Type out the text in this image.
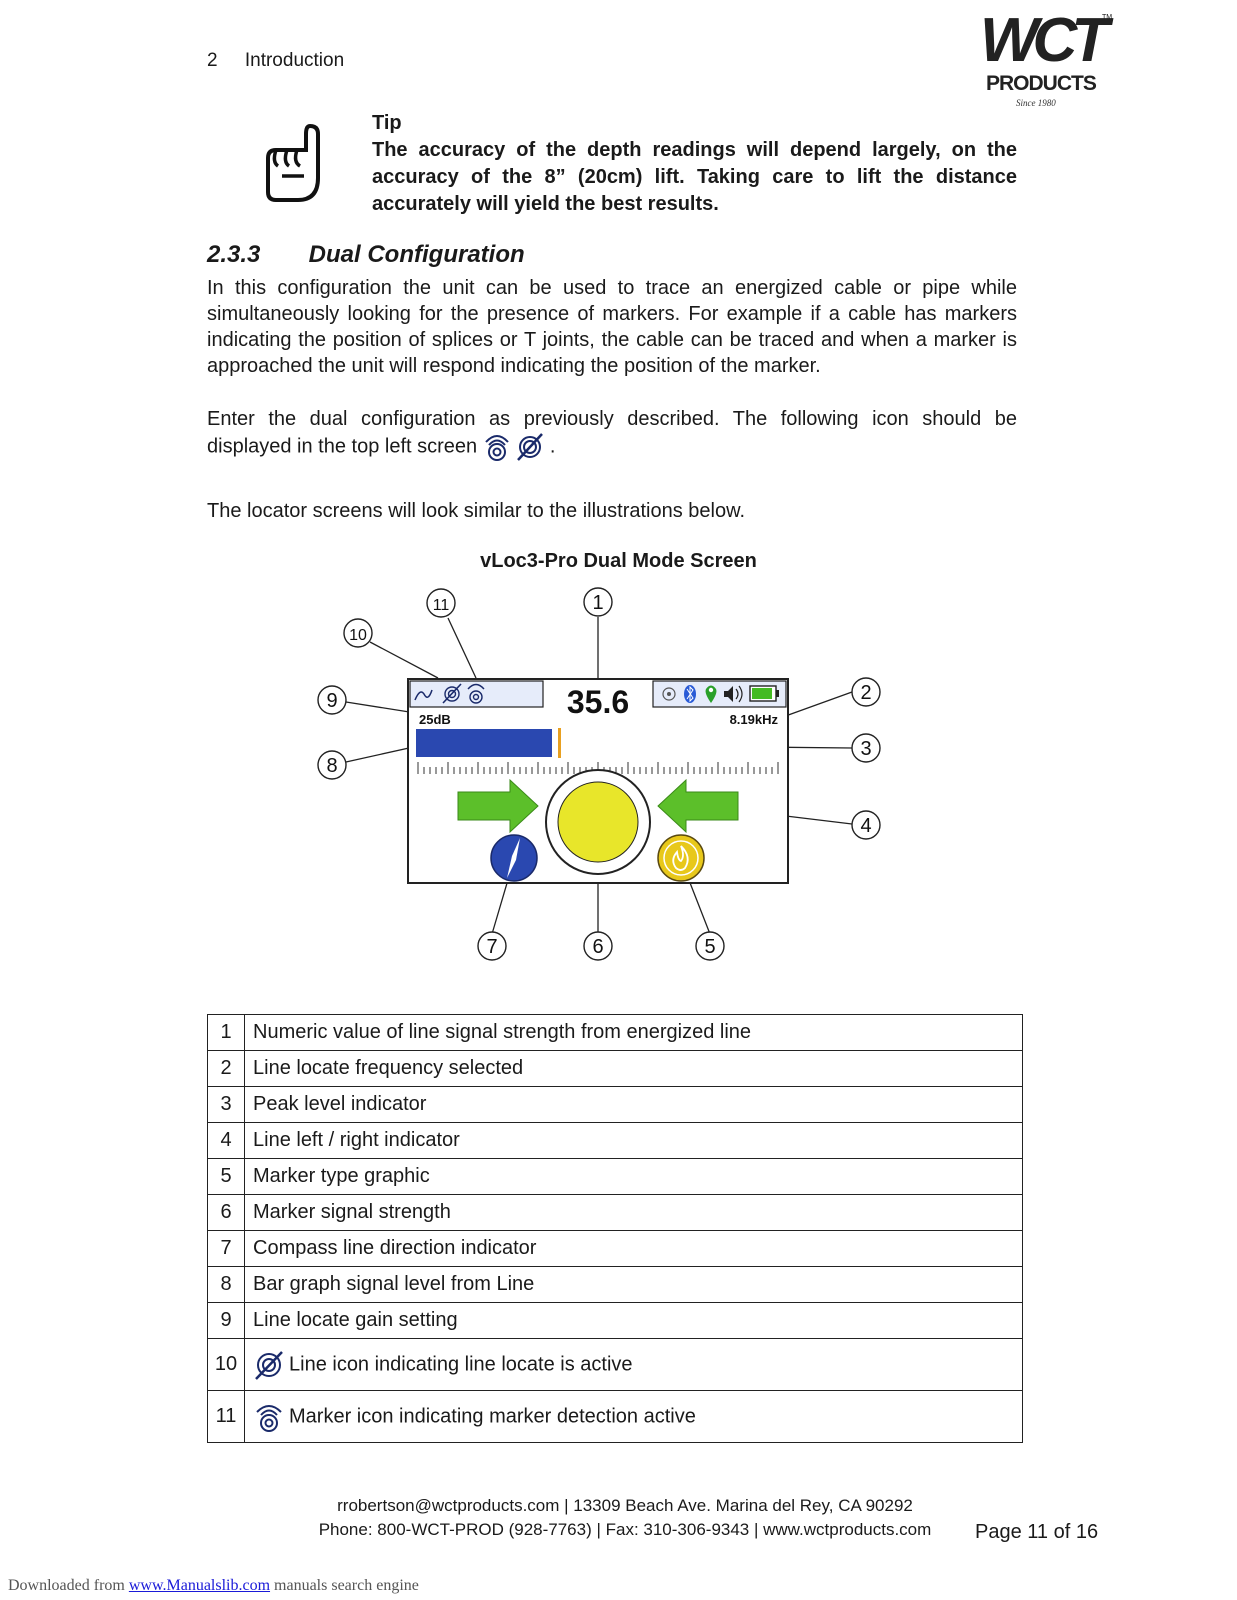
2 Introduction	WCT
TM
PRODUCTS
Since 1980

Tip

The accuracy of the depth readings will depend largely, on the accuracy of the 8” (20cm) lift. Taking care to lift the distance accurately will yield the best results.

2.3.3 Dual Configuration
In this configuration the unit can be used to trace an energized cable or pipe while simultaneously looking for the presence of markers. For example if a cable has markers indicating the position of splices or T joints, the cable can be traced and when a marker is approached the unit will respond indicating the position of the marker.
Enter the dual configuration as previously described. The following icon should be displayed in the top left screen	.
The locator screens will look similar to the illustrations below.
vLoc3-Pro Dual Mode Screen
35.6
25dB	8.19kHz
1
2
3
4
5
6
7
8
9
10
11
1	Numeric value of line signal strength from energized line
2	Line locate frequency selected
3	Peak level indicator
4	Line left / right indicator
5	Marker type graphic
6	Marker signal strength
7	Compass line direction indicator
8	Bar graph signal level from Line
9	Line locate gain setting
10	Line icon indicating line locate is active
11	Marker icon indicating marker detection active
rrobertson@wctproducts.com | 13309 Beach Ave. Marina del Rey, CA 90292
Phone: 800-WCT-PROD (928-7763) | Fax: 310-306-9343 | www.wctproducts.com	Page 11 of 16
Downloaded from www.Manualslib.com manuals search engine
